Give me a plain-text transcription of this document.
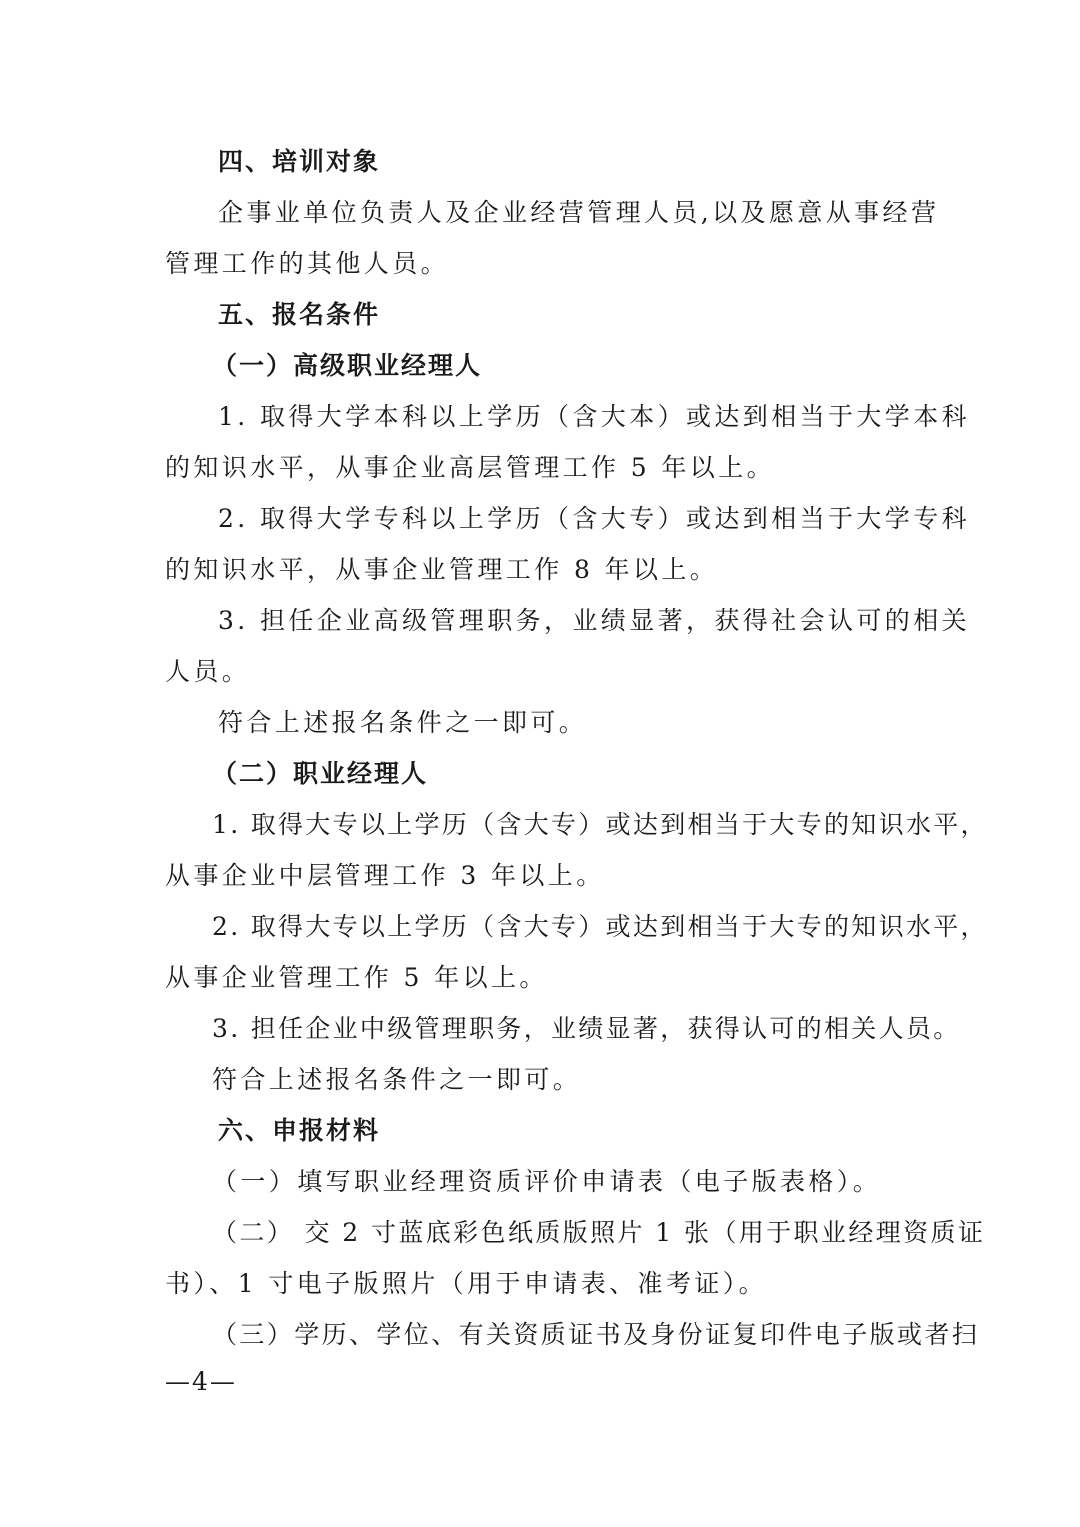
四、培训对象
企事业单位负责人及企业经营管理人员,以及愿意从事经营
管理工作的其他人员。
五、报名条件
（一）高级职业经理人
1. 取得大学本科以上学历（含大本）或达到相当于大学本科
的知识水平，从事企业高层管理工作 5 年以上。
2. 取得大学专科以上学历（含大专）或达到相当于大学专科
的知识水平，从事企业管理工作 8 年以上。
3. 担任企业高级管理职务，业绩显著，获得社会认可的相关
人员。
符合上述报名条件之一即可。
（二）职业经理人
1. 取得大专以上学历（含大专）或达到相当于大专的知识水平，
从事企业中层管理工作 3 年以上。
2. 取得大专以上学历（含大专）或达到相当于大专的知识水平，
从事企业管理工作 5 年以上。
3. 担任企业中级管理职务，业绩显著，获得认可的相关人员。
符合上述报名条件之一即可。
六、申报材料
（一）填写职业经理资质评价申请表（电子版表格）。
（二） 交 2 寸蓝底彩色纸质版照片 1 张（用于职业经理资质证
书）、1 寸电子版照片（用于申请表、准考证）。
（三）学历、学位、有关资质证书及身份证复印件电子版或者扫
—4—
